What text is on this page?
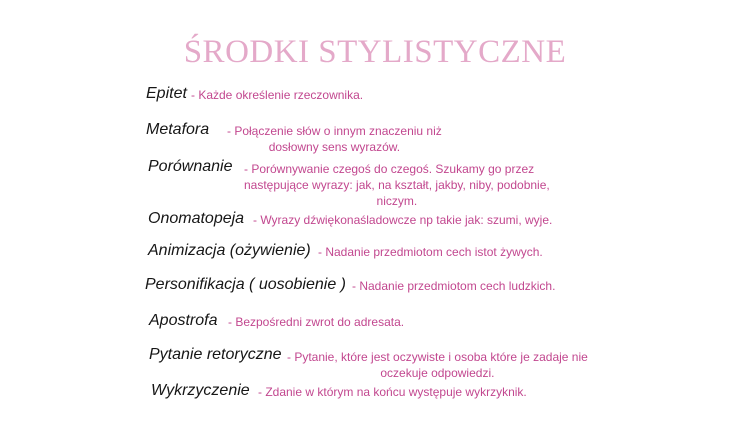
ŚRODKI STYLISTYCZNE
Epitet - Każde określenie rzeczownika.
Metafora - Połączenie słów o innym znaczeniu niż
dosłowny sens wyrazów.
Porównanie - Porównywanie czegoś do czegoś. Szukamy go przez
następujące wyrazy: jak, na kształt, jakby, niby, podobnie,
niczym.
Onomatopeja - Wyrazy dźwiękonaśladowcze np takie jak: szumi, wyje.
Animizacja (ożywienie) - Nadanie przedmiotom cech istot żywych.
Personifikacja ( uosobienie ) - Nadanie przedmiotom cech ludzkich.
Apostrofa - Bezpośredni zwrot do adresata.
Pytanie retoryczne - Pytanie, które jest oczywiste i osoba które je zadaje nie
oczekuje odpowiedzi.
Wykrzyczenie - Zdanie w którym na końcu występuje wykrzyknik.
